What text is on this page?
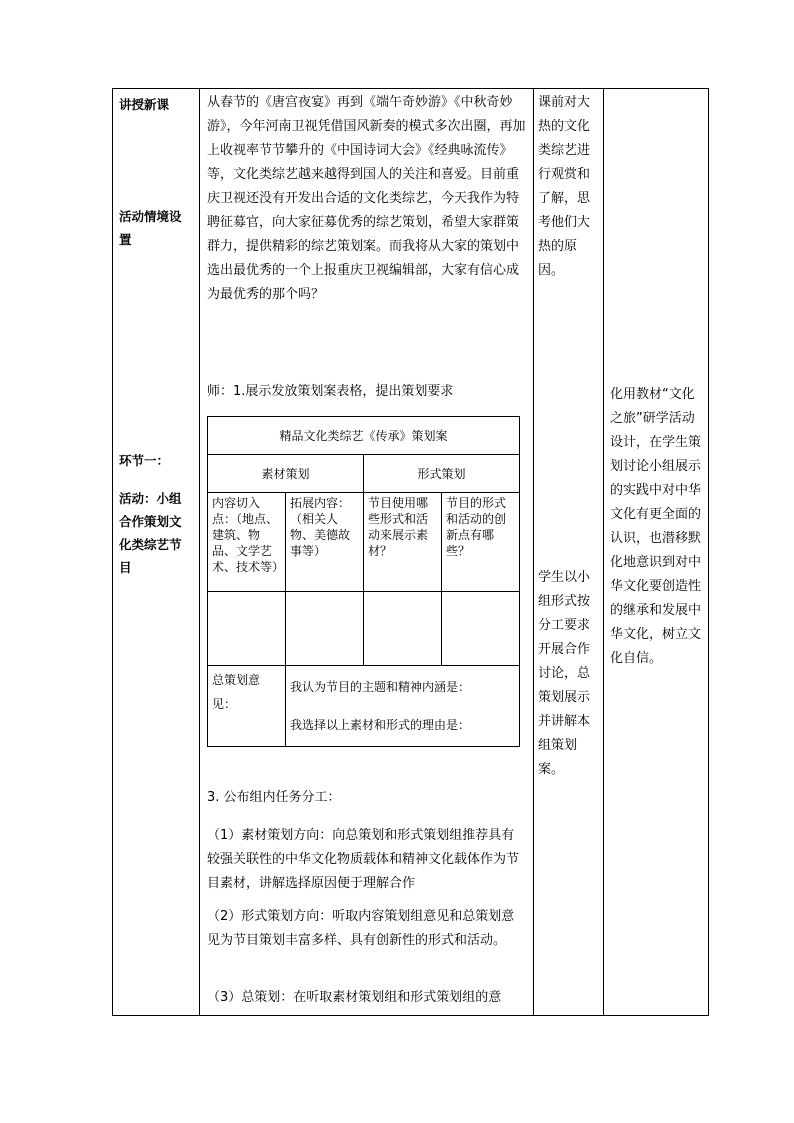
讲授新课
活动情境设置
环节一：
活动：小组合作策划文化类综艺节目
从春节的《唐宫夜宴》再到《端午奇妙游》《中秋奇妙游》，今年河南卫视凭借国风新奏的模式多次出圈，再加上收视率节节攀升的《中国诗词大会》《经典咏流传》等，文化类综艺越来越得到国人的关注和喜爱。目前重庆卫视还没有开发出合适的文化类综艺，今天我作为特聘征募官，向大家征募优秀的综艺策划，希望大家群策群力，提供精彩的综艺策划案。而我将从大家的策划中选出最优秀的一个上报重庆卫视编辑部，大家有信心成为最优秀的那个吗？
师：1.展示发放策划案表格，提出策划要求
3. 公布组内任务分工：
（1）素材策划方向：向总策划和形式策划组推荐具有较强关联性的中华文化物质载体和精神文化载体作为节目素材，讲解选择原因便于理解合作
（2）形式策划方向：听取内容策划组意见和总策划意见为节目策划丰富多样、具有创新性的形式和活动。
（3）总策划：在听取素材策划组和形式策划组的意
课前对大热的文化类综艺进行观赏和了解，思考他们大热的原因。
学生以小组形式按分工要求开展合作讨论，总策划展示并讲解本组策划案。
化用教材“文化之旅”研学活动设计，在学生策划讨论小组展示的实践中对中华文化有更全面的认识，也潜移默化地意识到对中华文化要创造性的继承和发展中华文化，树立文化自信。
精品文化类综艺《传承》策划案			
素材策划		形式策划	
内容切入点：（地点、建筑、物品、文学艺术、技术等）	拓展内容：（相关人物、美德故事等）	节目使用哪些形式和活动来展示素材？	节目的形式和活动的创新点有哪些？

总策划意见：	我认为节目的主题和精神内涵是：
我选择以上素材和形式的理由是：		
